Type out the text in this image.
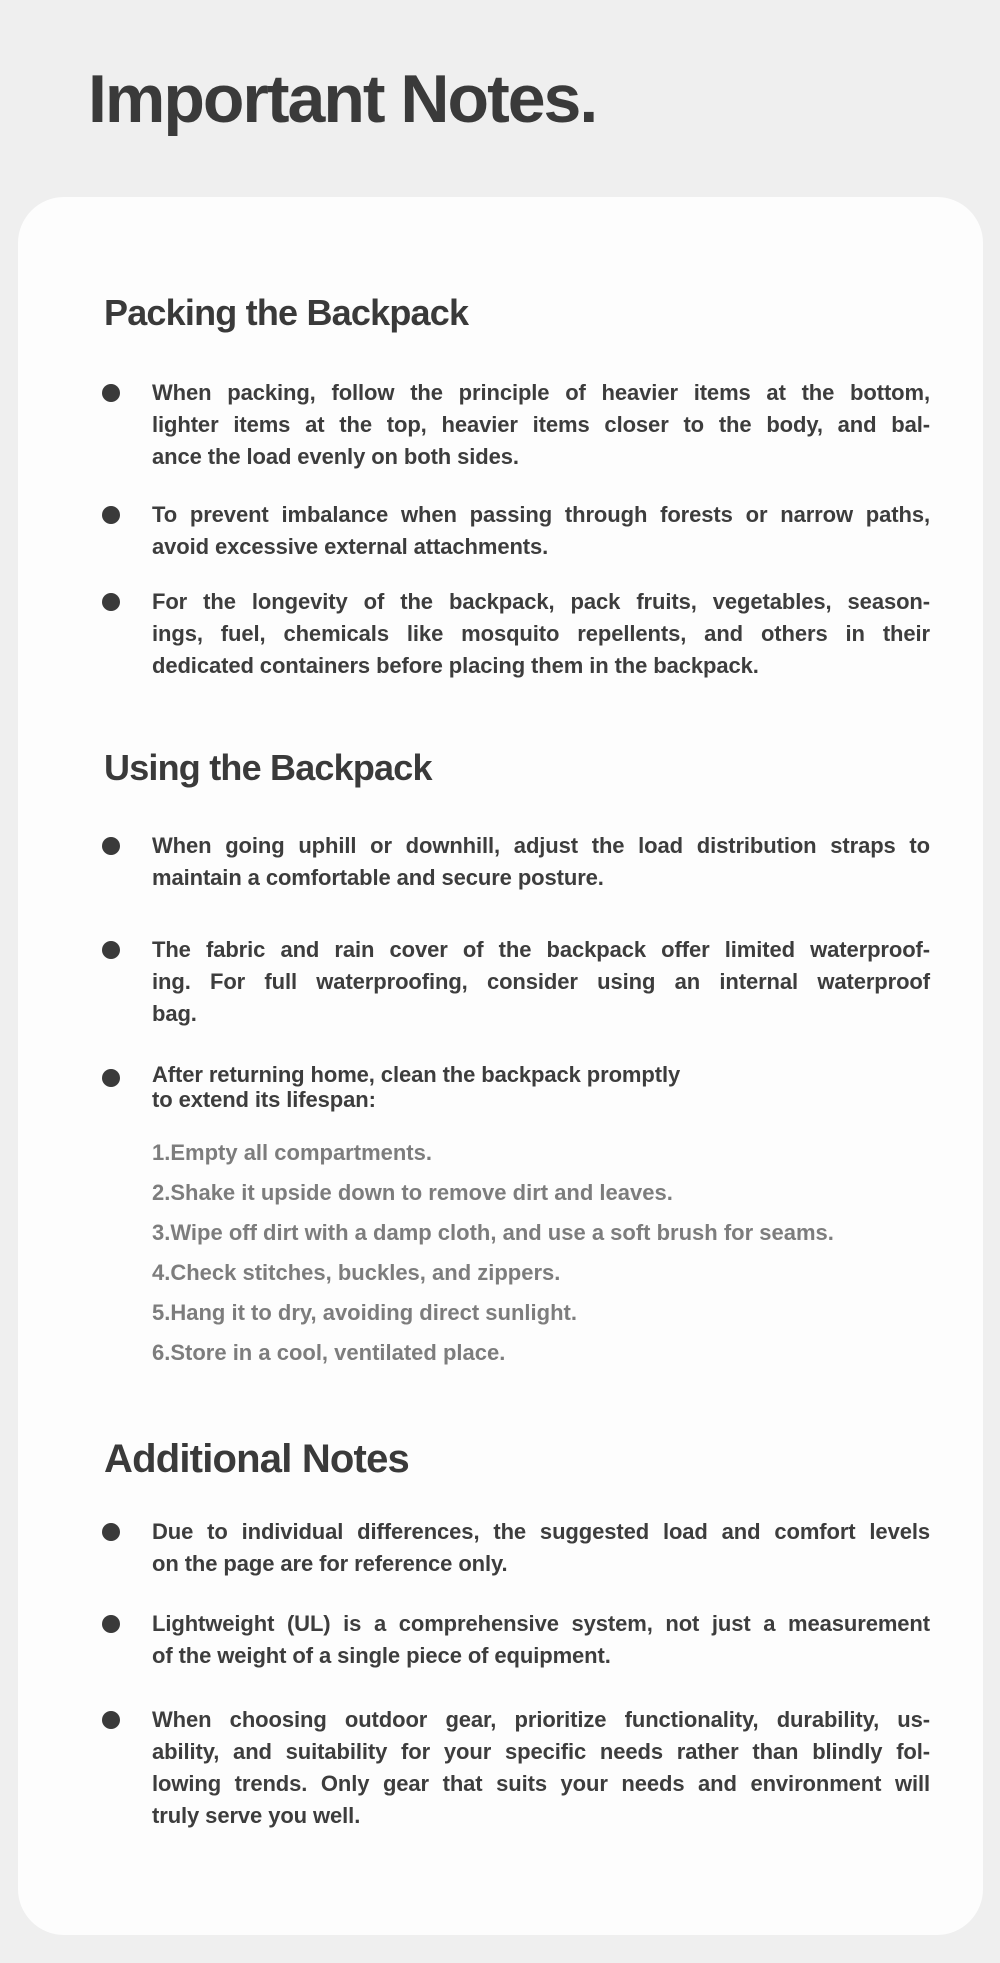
Important Notes.
Packing the Backpack
When packing, follow the principle of heavier items at the bottom,
lighter items at the top, heavier items closer to the body, and bal-
ance the load evenly on both sides.
To prevent imbalance when passing through forests or narrow paths,
avoid excessive external attachments.
For the longevity of the backpack, pack fruits, vegetables, season-
ings, fuel, chemicals like mosquito repellents, and others in their
dedicated containers before placing them in the backpack.
Using the Backpack
When going uphill or downhill, adjust the load distribution straps to
maintain a comfortable and secure posture.
The fabric and rain cover of the backpack offer limited waterproof-
ing. For full waterproofing, consider using an internal waterproof
bag.
After returning home, clean the backpack promptly
to extend its lifespan:
1.Empty all compartments.
2.Shake it upside down to remove dirt and leaves.
3.Wipe off dirt with a damp cloth, and use a soft brush for seams.
4.Check stitches, buckles, and zippers.
5.Hang it to dry, avoiding direct sunlight.
6.Store in a cool, ventilated place.
Additional Notes
Due to individual differences, the suggested load and comfort levels
on the page are for reference only.
Lightweight (UL) is a comprehensive system, not just a measurement
of the weight of a single piece of equipment.
When choosing outdoor gear, prioritize functionality, durability, us-
ability, and suitability for your specific needs rather than blindly fol-
lowing trends. Only gear that suits your needs and environment will
truly serve you well.
